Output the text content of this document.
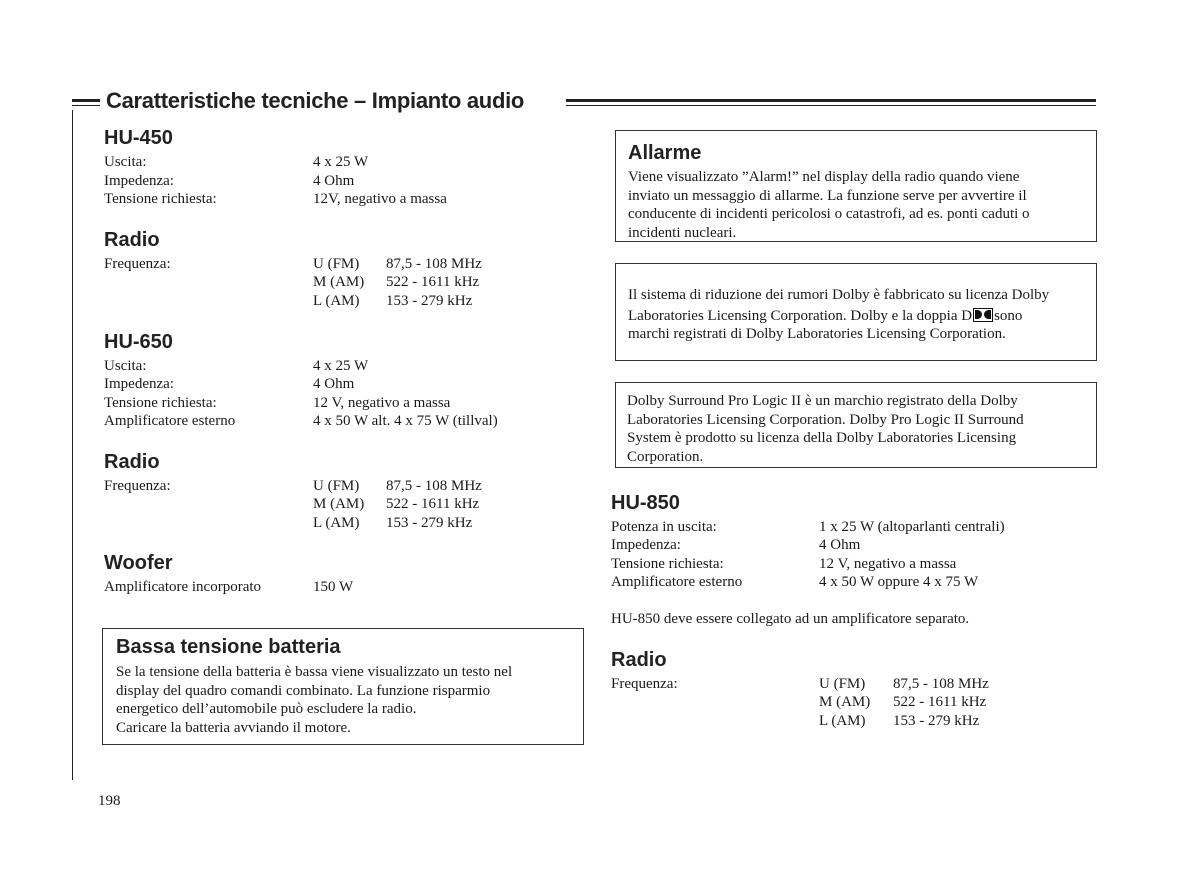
Caratteristiche tecniche – Impianto audio
HU-450
Uscita:	4 x 25 W
Impedenza:	4 Ohm
Tensione richiesta:	12V, negativo a massa
Radio
Frequenza:	U (FM) 87,5 - 108 MHz
M (AM) 522 - 1611 kHz
L (AM) 153 - 279 kHz
HU-650
Uscita:	4 x 25 W
Impedenza:	4 Ohm
Tensione richiesta:	12 V, negativo a massa
Amplificatore esterno	4 x 50 W alt. 4 x 75 W (tillval)
Radio
Frequenza:	U (FM) 87,5 - 108 MHz
M (AM) 522 - 1611 kHz
L (AM) 153 - 279 kHz
Woofer
Amplificatore incorporato	150 W
Bassa tensione batteria
Se la tensione della batteria è bassa viene visualizzato un testo nel
display del quadro comandi combinato. La funzione risparmio
energetico dell’automobile può escludere la radio.
Caricare la batteria avviando il motore.
Allarme
Viene visualizzato ”Alarm!” nel display della radio quando viene
inviato un messaggio di allarme. La funzione serve per avvertire il
conducente di incidenti pericolosi o catastrofi, ad es. ponti caduti o
incidenti nucleari.
Il sistema di riduzione dei rumori Dolby è fabbricato su licenza Dolby
Laboratories Licensing Corporation. Dolby e la doppia D sono
marchi registrati di Dolby Laboratories Licensing Corporation.
Dolby Surround Pro Logic II è un marchio registrato della Dolby
Laboratories Licensing Corporation. Dolby Pro Logic II Surround
System è prodotto su licenza della Dolby Laboratories Licensing
Corporation.
HU-850
Potenza in uscita:	1 x 25 W (altoparlanti centrali)
Impedenza:	4 Ohm
Tensione richiesta:	12 V, negativo a massa
Amplificatore esterno	4 x 50 W oppure 4 x 75 W
HU-850 deve essere collegato ad un amplificatore separato.
Radio
Frequenza:	U (FM) 87,5 - 108 MHz
M (AM) 522 - 1611 kHz
L (AM) 153 - 279 kHz
198
